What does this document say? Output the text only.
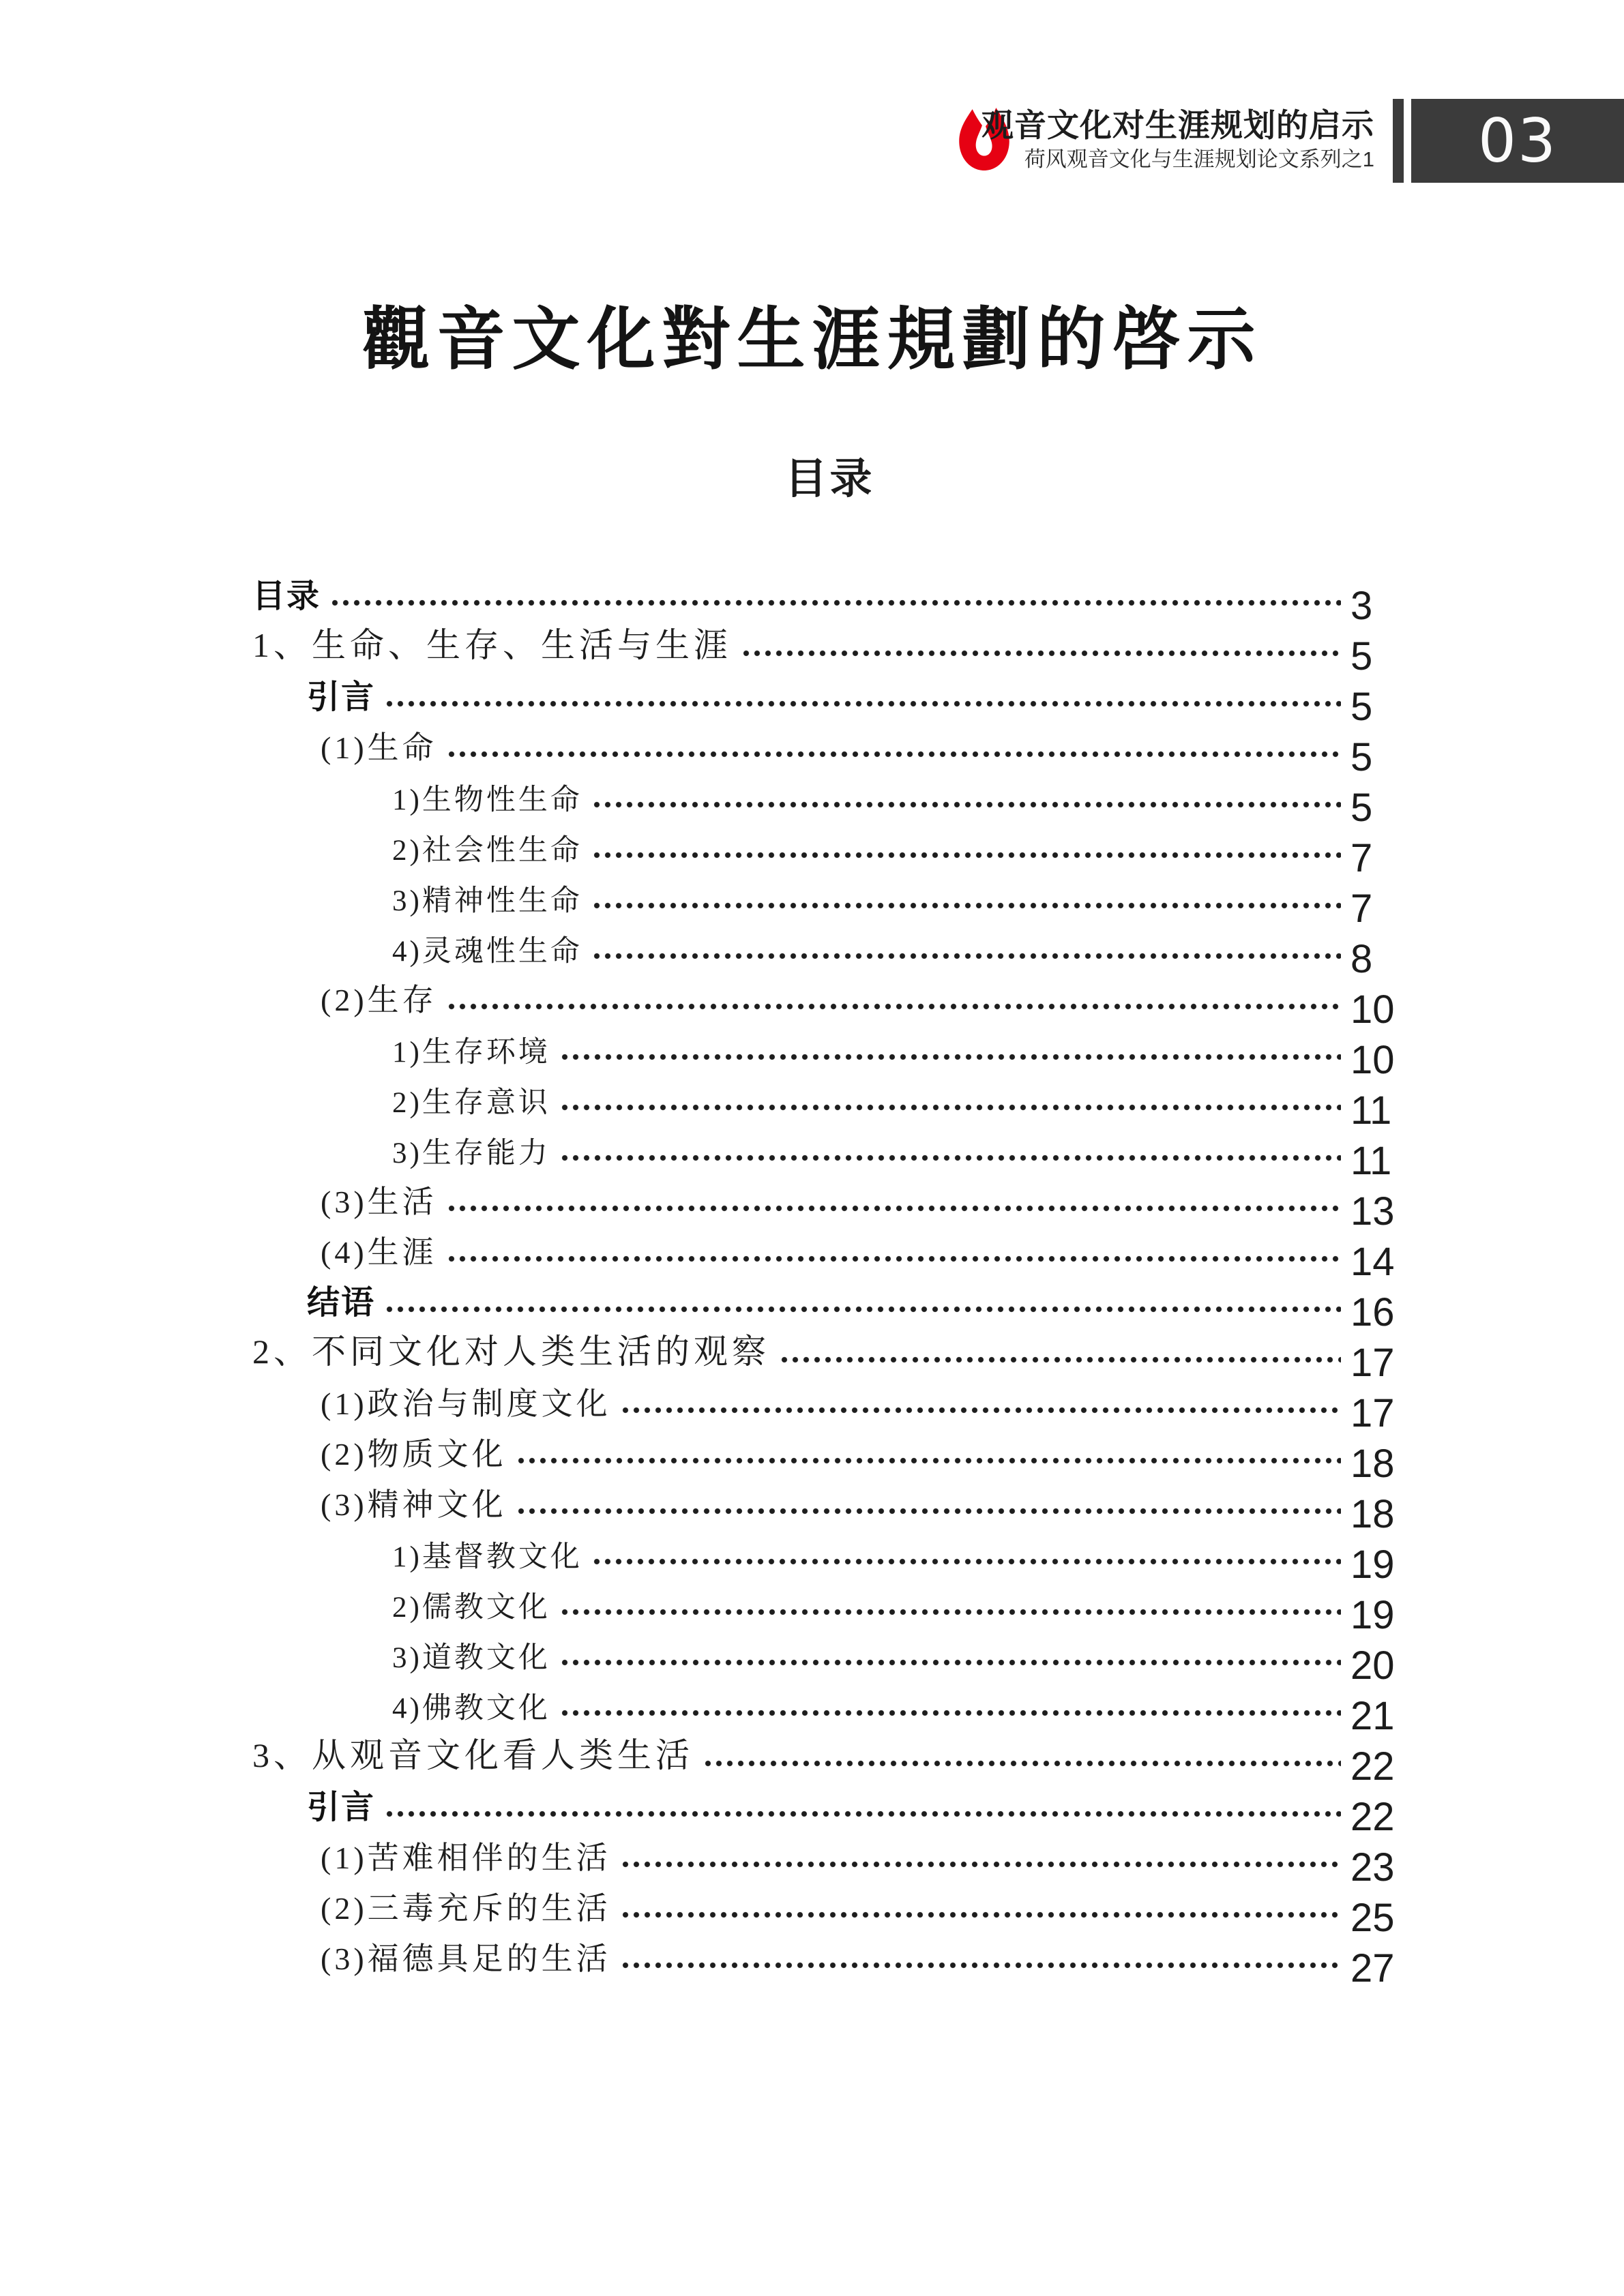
观音文化对生涯规划的启示
荷风观音文化与生涯规划论文系列之1 03
觀音文化對生涯規劃的啓示
目录
目录	3
1、生命、生存、生活与生涯	5
引言	5
(1)生命	5
1)生物性生命	5
2)社会性生命	7
3)精神性生命	7
4)灵魂性生命	8
(2)生存	10
1)生存环境	10
2)生存意识	11
3)生存能力	11
(3)生活	13
(4)生涯	14
结语	16
2、不同文化对人类生活的观察	17
(1)政治与制度文化	17
(2)物质文化	18
(3)精神文化	18
1)基督教文化	19
2)儒教文化	19
3)道教文化	20
4)佛教文化	21
3、从观音文化看人类生活	22
引言	22
(1)苦难相伴的生活	23
(2)三毒充斥的生活	25
(3)福德具足的生活	27
